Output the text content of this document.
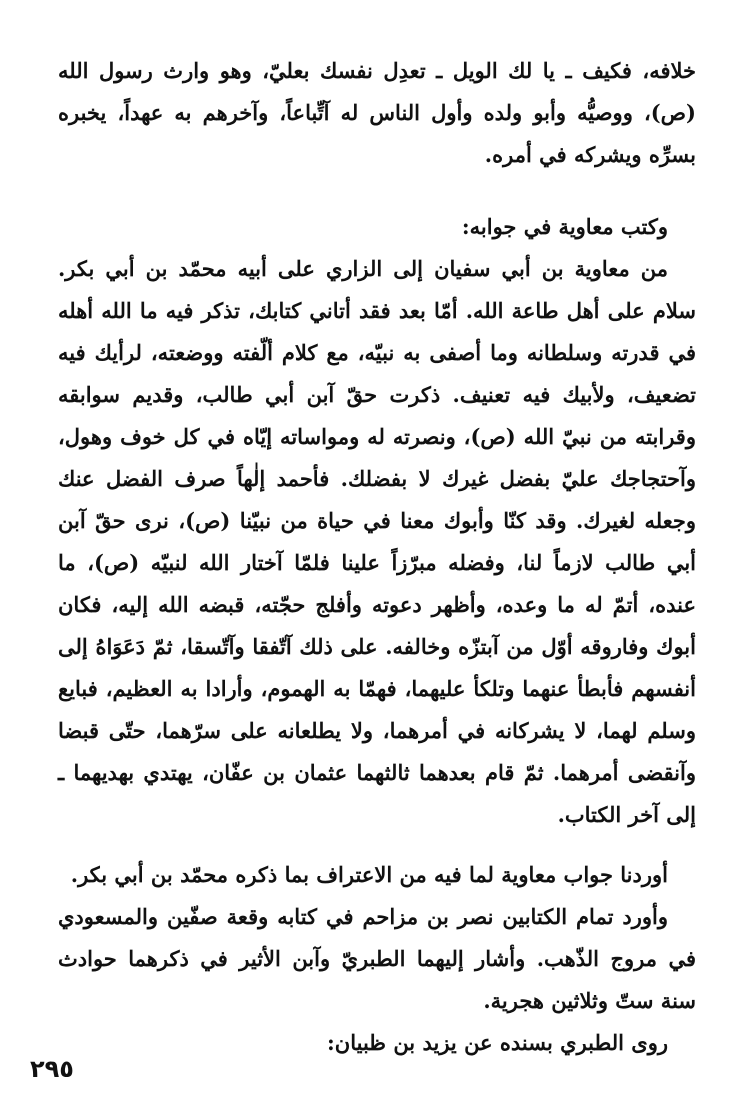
خلافه، فكيف ـ يا لك الويل ـ تعدِل نفسك بعليّ، وهو وارث رسول الله (ص)، ووصيُّه وأبو ولده وأول الناس له آتِّباعاً، وآخرهم به عهداً، يخبره بسرِّه ويشركه في أمره.

وكتب معاوية في جوابه:

من معاوية بن أبي سفيان إلى الزاري على أبيه محمّد بن أبي بكر. سلام على أهل طاعة الله. أمّا بعد فقد أتاني كتابك، تذكر فيه ما الله أهله في قدرته وسلطانه وما أصفى به نبيّه، مع كلام ألّفته ووضعته، لرأيك فيه تضعيف، ولأبيك فيه تعنيف. ذكرت حقّ آبن أبي طالب، وقديم سوابقه وقرابته من نبيّ الله (ص)، ونصرته له ومواساته إيّاه في كل خوف وهول، وآحتجاجك عليّ بفضل غيرك لا بفضلك. فأحمد إلٰهاً صرف الفضل عنك وجعله لغيرك. وقد كنّا وأبوك معنا في حياة من نبيّنا (ص)، نرى حقّ آبن أبي طالب لازماً لنا، وفضله مبرّزاً علينا فلمّا آختار الله لنبيّه (ص)، ما عنده، أتمّ له ما وعده، وأظهر دعوته وأفلج حجّته، قبضه الله إليه، فكان أبوك وفاروقه أوّل من آبتزّه وخالفه. على ذلك آتّفقا وآتّسقا، ثمّ دَعَوَاهُ إلى أنفسهم فأبطأ عنهما وتلكأ عليهما، فهمّا به الهموم، وأرادا به العظيم، فبايع وسلم لهما، لا يشركانه في أمرهما، ولا يطلعانه على سرّهما، حتّى قبضا وآنقضى أمرهما. ثمّ قام بعدهما ثالثهما عثمان بن عفّان، يهتدي بهديهما ـ إلى آخر الكتاب.

أوردنا جواب معاوية لما فيه من الاعتراف بما ذكره محمّد بن أبي بكر.

وأورد تمام الكتابين نصر بن مزاحم في كتابه وقعة صفّين والمسعودي في مروج الذّهب. وأشار إليهما الطبريّ وآبن الأثير في ذكرهما حوادث سنة ستّ وثلاثين هجرية.

روى الطبري بسنده عن يزيد بن ظبيان:

٢٩٥
